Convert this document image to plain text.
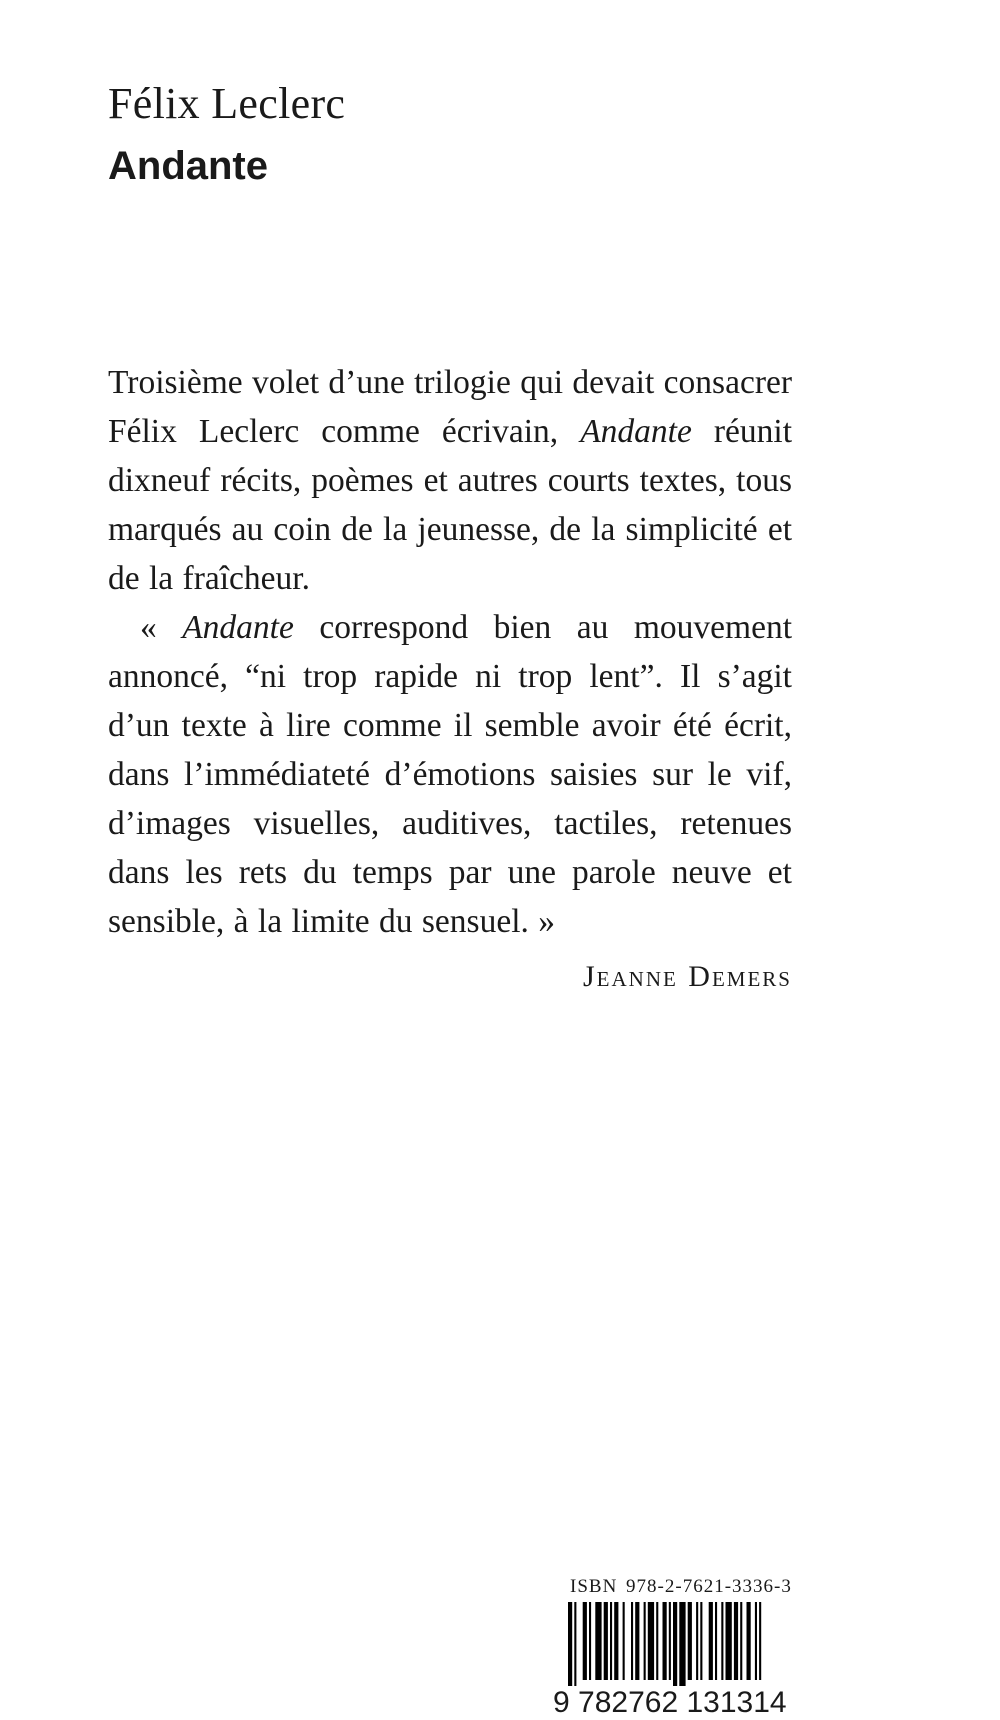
Félix Leclerc
Andante

Troisième volet d’une trilogie qui devait consacrer Félix Leclerc comme écrivain, Andante réunit dixneuf récits, poèmes et autres courts textes, tous marqués au coin de la jeunesse, de la simplicité et de la fraîcheur.

« Andante correspond bien au mouvement annoncé, “ni trop rapide ni trop lent”. Il s’agit d’un texte à lire comme il semble avoir été écrit, dans l’immédiateté d’émotions saisies sur le vif, d’images visuelles, auditives, tactiles, retenues dans les rets du temps par une parole neuve et sensible, à la limite du sensuel. »

Jeanne Demers
ISBN 978-2-7621-3336-3
9 782762 131314
